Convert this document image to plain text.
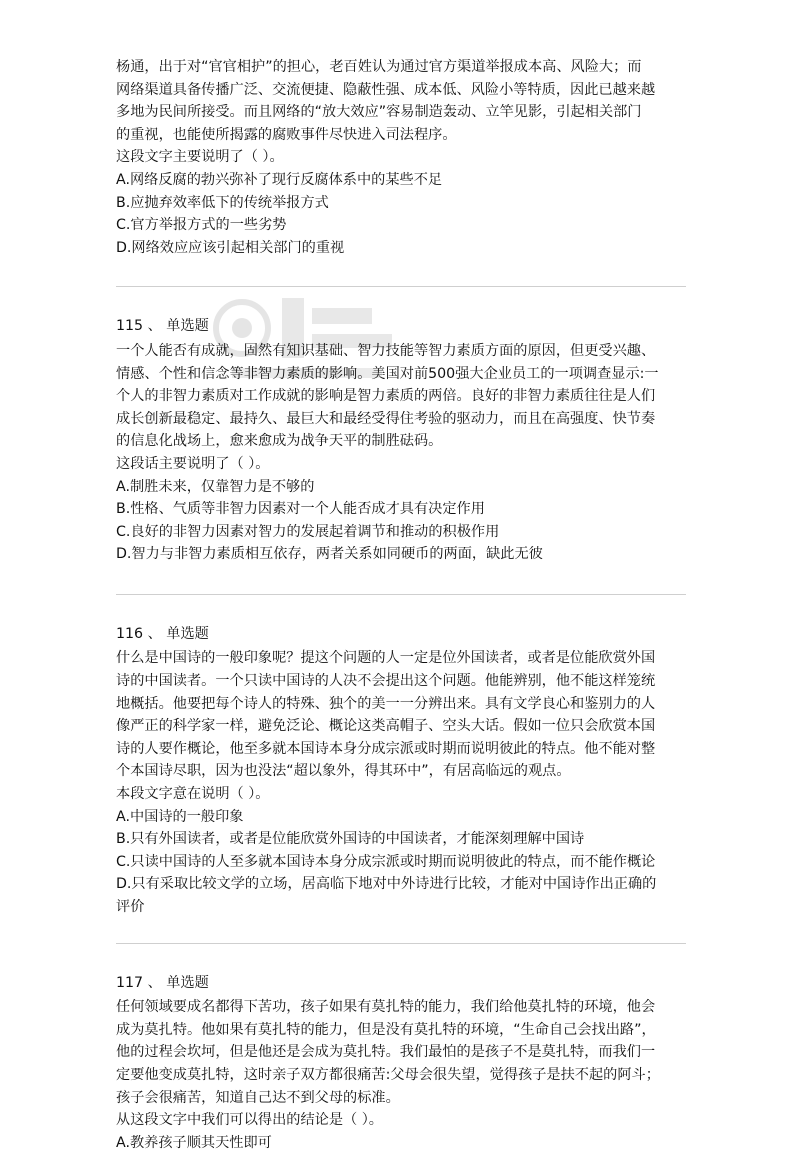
杨通，出于对“官官相护”的担心，老百姓认为通过官方渠道举报成本高、风险大；而
网络渠道具备传播广泛、交流便捷、隐蔽性强、成本低、风险小等特质，因此已越来越
多地为民间所接受。而且网络的“放大效应”容易制造轰动、立竿见影，引起相关部门
的重视，也能使所揭露的腐败事件尽快进入司法程序。
这段文字主要说明了（ ）。
A.网络反腐的勃兴弥补了现行反腐体系中的某些不足
B.应抛弃效率低下的传统举报方式
C.官方举报方式的一些劣势
D.网络效应应该引起相关部门的重视
115 、 单选题
一个人能否有成就，固然有知识基础、智力技能等智力素质方面的原因，但更受兴趣、
情感、个性和信念等非智力素质的影响。美国对前500强大企业员工的一项调查显示:一
个人的非智力素质对工作成就的影响是智力素质的两倍。良好的非智力素质往往是人们
成长创新最稳定、最持久、最巨大和最经受得住考验的驱动力，而且在高强度、快节奏
的信息化战场上，愈来愈成为战争天平的制胜砝码。
这段话主要说明了（ ）。
A.制胜未来，仅靠智力是不够的
B.性格、气质等非智力因素对一个人能否成才具有决定作用
C.良好的非智力因素对智力的发展起着调节和推动的积极作用
D.智力与非智力素质相互依存，两者关系如同硬币的两面，缺此无彼
116 、 单选题
什么是中国诗的一般印象呢？提这个问题的人一定是位外国读者，或者是位能欣赏外国
诗的中国读者。一个只读中国诗的人决不会提出这个问题。他能辨别，他不能这样笼统
地概括。他要把每个诗人的特殊、独个的美一一分辨出来。具有文学良心和鉴别力的人
像严正的科学家一样，避免泛论、概论这类高帽子、空头大话。假如一位只会欣赏本国
诗的人要作概论，他至多就本国诗本身分成宗派或时期而说明彼此的特点。他不能对整
个本国诗尽职，因为也没法“超以象外，得其环中”，有居高临远的观点。
本段文字意在说明（ ）。
A.中国诗的一般印象
B.只有外国读者，或者是位能欣赏外国诗的中国读者，才能深刻理解中国诗
C.只读中国诗的人至多就本国诗本身分成宗派或时期而说明彼此的特点，而不能作概论
D.只有采取比较文学的立场，居高临下地对中外诗进行比较，才能对中国诗作出正确的
评价
117 、 单选题
任何领域要成名都得下苦功，孩子如果有莫扎特的能力，我们给他莫扎特的环境，他会
成为莫扎特。他如果有莫扎特的能力，但是没有莫扎特的环境，“生命自己会找出路”，
他的过程会坎坷，但是他还是会成为莫扎特。我们最怕的是孩子不是莫扎特，而我们一
定要他变成莫扎特，这时亲子双方都很痛苦:父母会很失望，觉得孩子是扶不起的阿斗；
孩子会很痛苦，知道自己达不到父母的标准。
从这段文字中我们可以得出的结论是（ ）。
A.教养孩子顺其天性即可
